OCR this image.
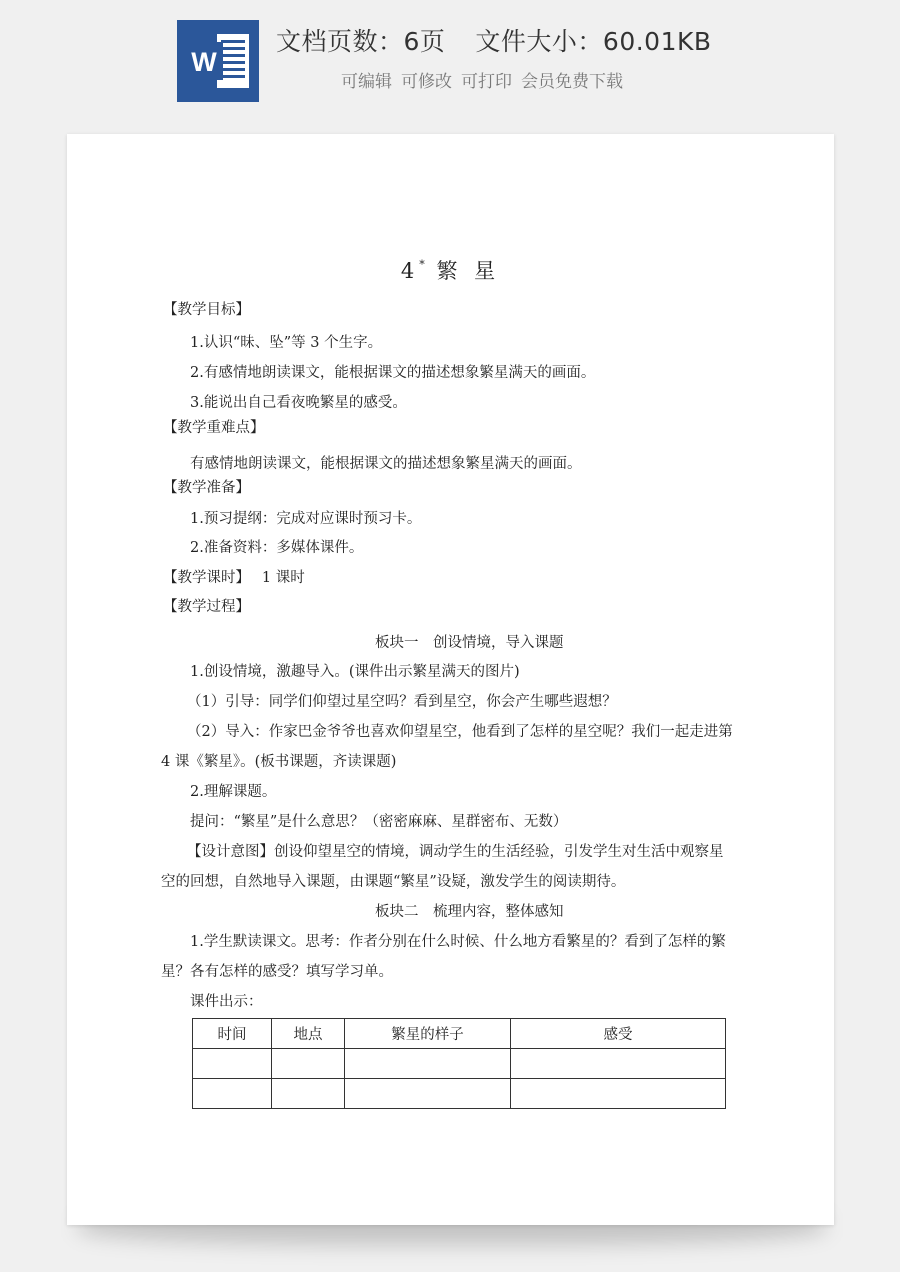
W
文档页数：6页 文件大小：60.01KB
可编辑 可修改 可打印 会员免费下载
4* 繁 星
【教学目标】
1.认识“昧、坠”等 3 个生字。
2.有感情地朗读课文，能根据课文的描述想象繁星满天的画面。
3.能说出自己看夜晚繁星的感受。
【教学重难点】
有感情地朗读课文，能根据课文的描述想象繁星满天的画面。
【教学准备】
1.预习提纲：完成对应课时预习卡。
2.准备资料：多媒体课件。
【教学课时】　 1 课时
【教学过程】
板块一　创设情境，导入课题
1.创设情境，激趣导入。(课件出示繁星满天的图片)
（1）引导：同学们仰望过星空吗？看到星空，你会产生哪些遐想？
（2）导入：作家巴金爷爷也喜欢仰望星空，他看到了怎样的星空呢？我们一起走进第
4 课《繁星》。(板书课题，齐读课题)
2.理解课题。
提问：“繁星”是什么意思？（密密麻麻、星群密布、无数）
【设计意图】创设仰望星空的情境，调动学生的生活经验，引发学生对生活中观察星
空的回想，自然地导入课题，由课题“繁星”设疑，激发学生的阅读期待。
板块二　梳理内容，整体感知
1.学生默读课文。思考：作者分别在什么时候、什么地方看繁星的？看到了怎样的繁
星？各有怎样的感受？填写学习单。
课件出示：
时间	地点	繁星的样子	感受
